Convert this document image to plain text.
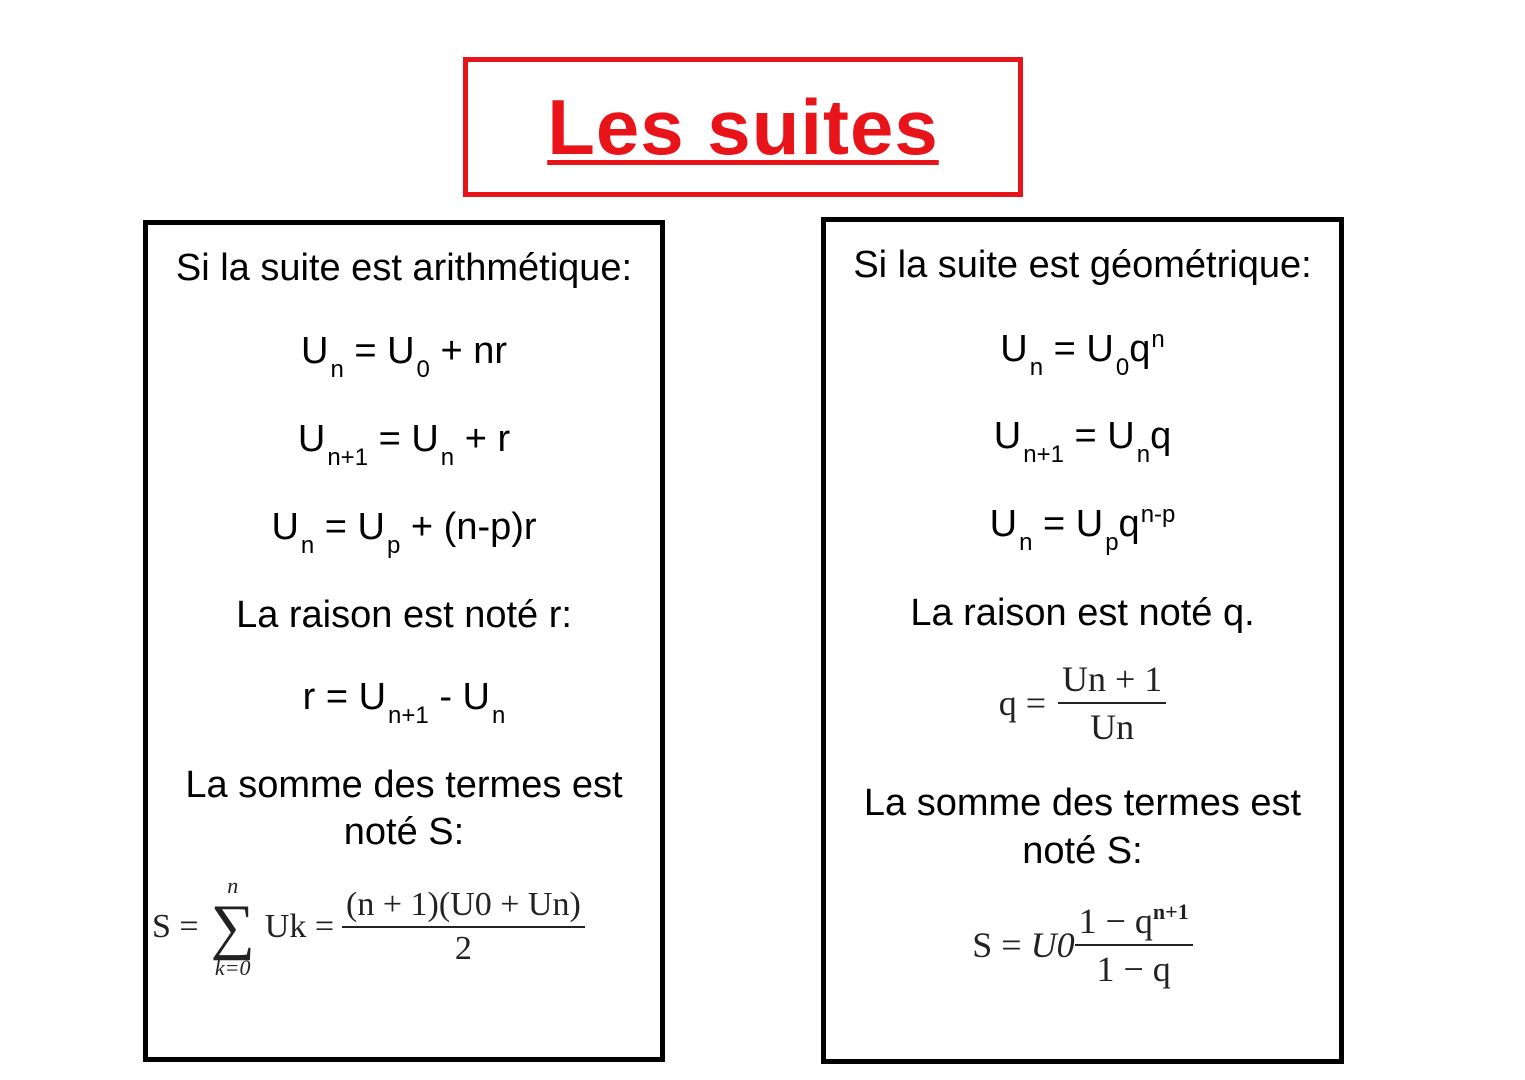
Les suites
Si la suite est arithmétique:
$U_n = U_0$ + nr
$U_{n+1} = U_n + r$
$U_n = U_p + (n-p)r$
La raison est noté r:
$r = U_{n+1} - U_n$
La somme des termes est
noté S:
S =
n
∑
k=0
$Uk = \frac{(n + 1)(U0 + Un)}{2}$
Si la suite est géométrique:
$U_n = U_0q^n$
$U_{n+1} = U_nq$
$U_n = U_pq^{n-p}$
La raison est noté q.
$q = \frac{Un + 1}{Un}$
La somme des termes est
noté S:
$S = U0 \frac{1 - q^{n+1}}{1 - q}$
